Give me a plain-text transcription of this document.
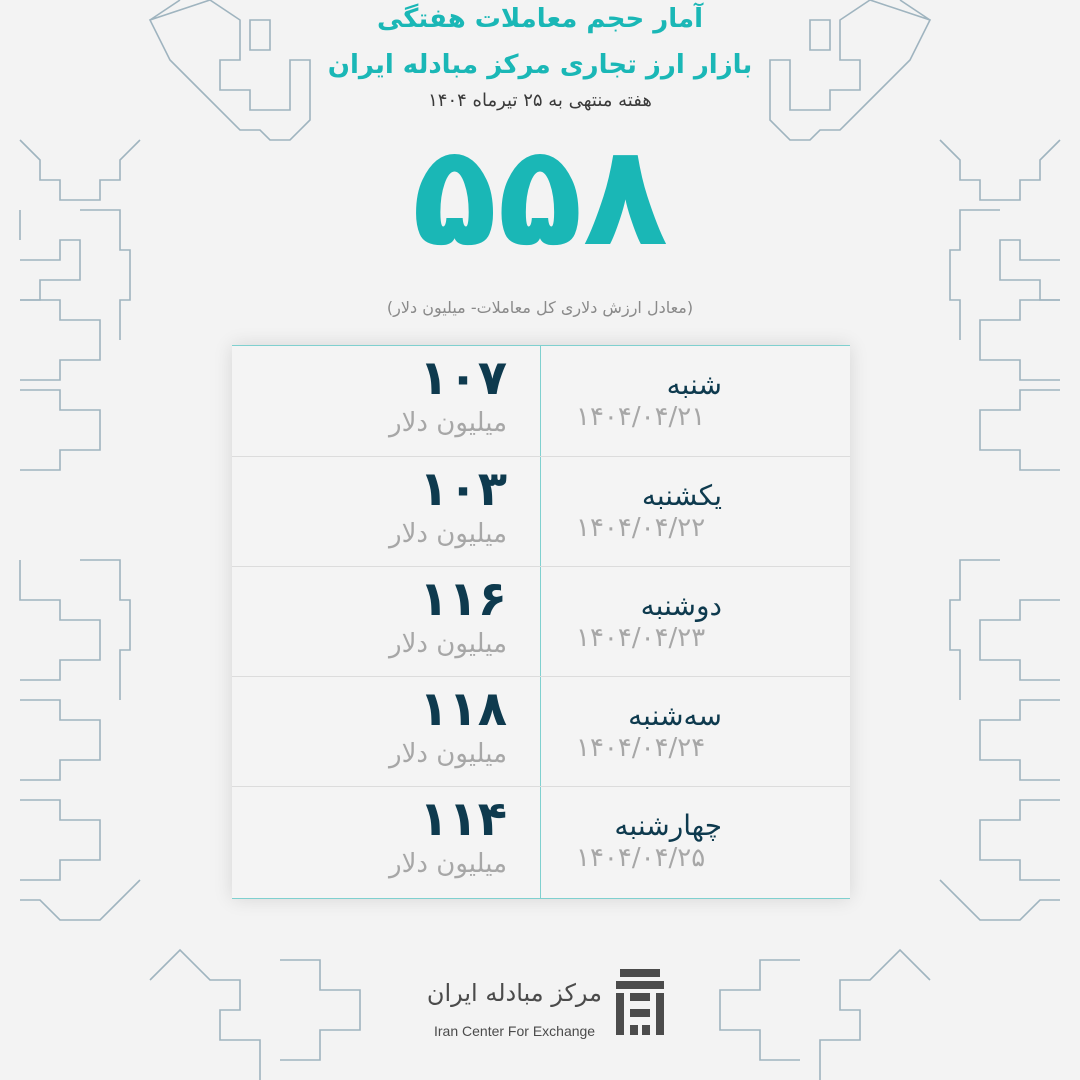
آمار حجم معاملات هفتگی
بازار ارز تجاری مرکز مبادله ایران
هفته منتهی به ۲۵ تیرماه ۱۴۰۴
۵۵۸
(معادل ارزش دلاری کل معاملات- میلیون دلار)
شنبه
۱۴۰۴/۰۴/۲۱
۱۰۷
میلیون دلار
یکشنبه
۱۴۰۴/۰۴/۲۲
۱۰۳
میلیون دلار
دوشنبه
۱۴۰۴/۰۴/۲۳
۱۱۶
میلیون دلار
سه‌شنبه
۱۴۰۴/۰۴/۲۴
۱۱۸
میلیون دلار
چهارشنبه
۱۴۰۴/۰۴/۲۵
۱۱۴
میلیون دلار
مرکز مبادله ایران
Iran Center For Exchange
